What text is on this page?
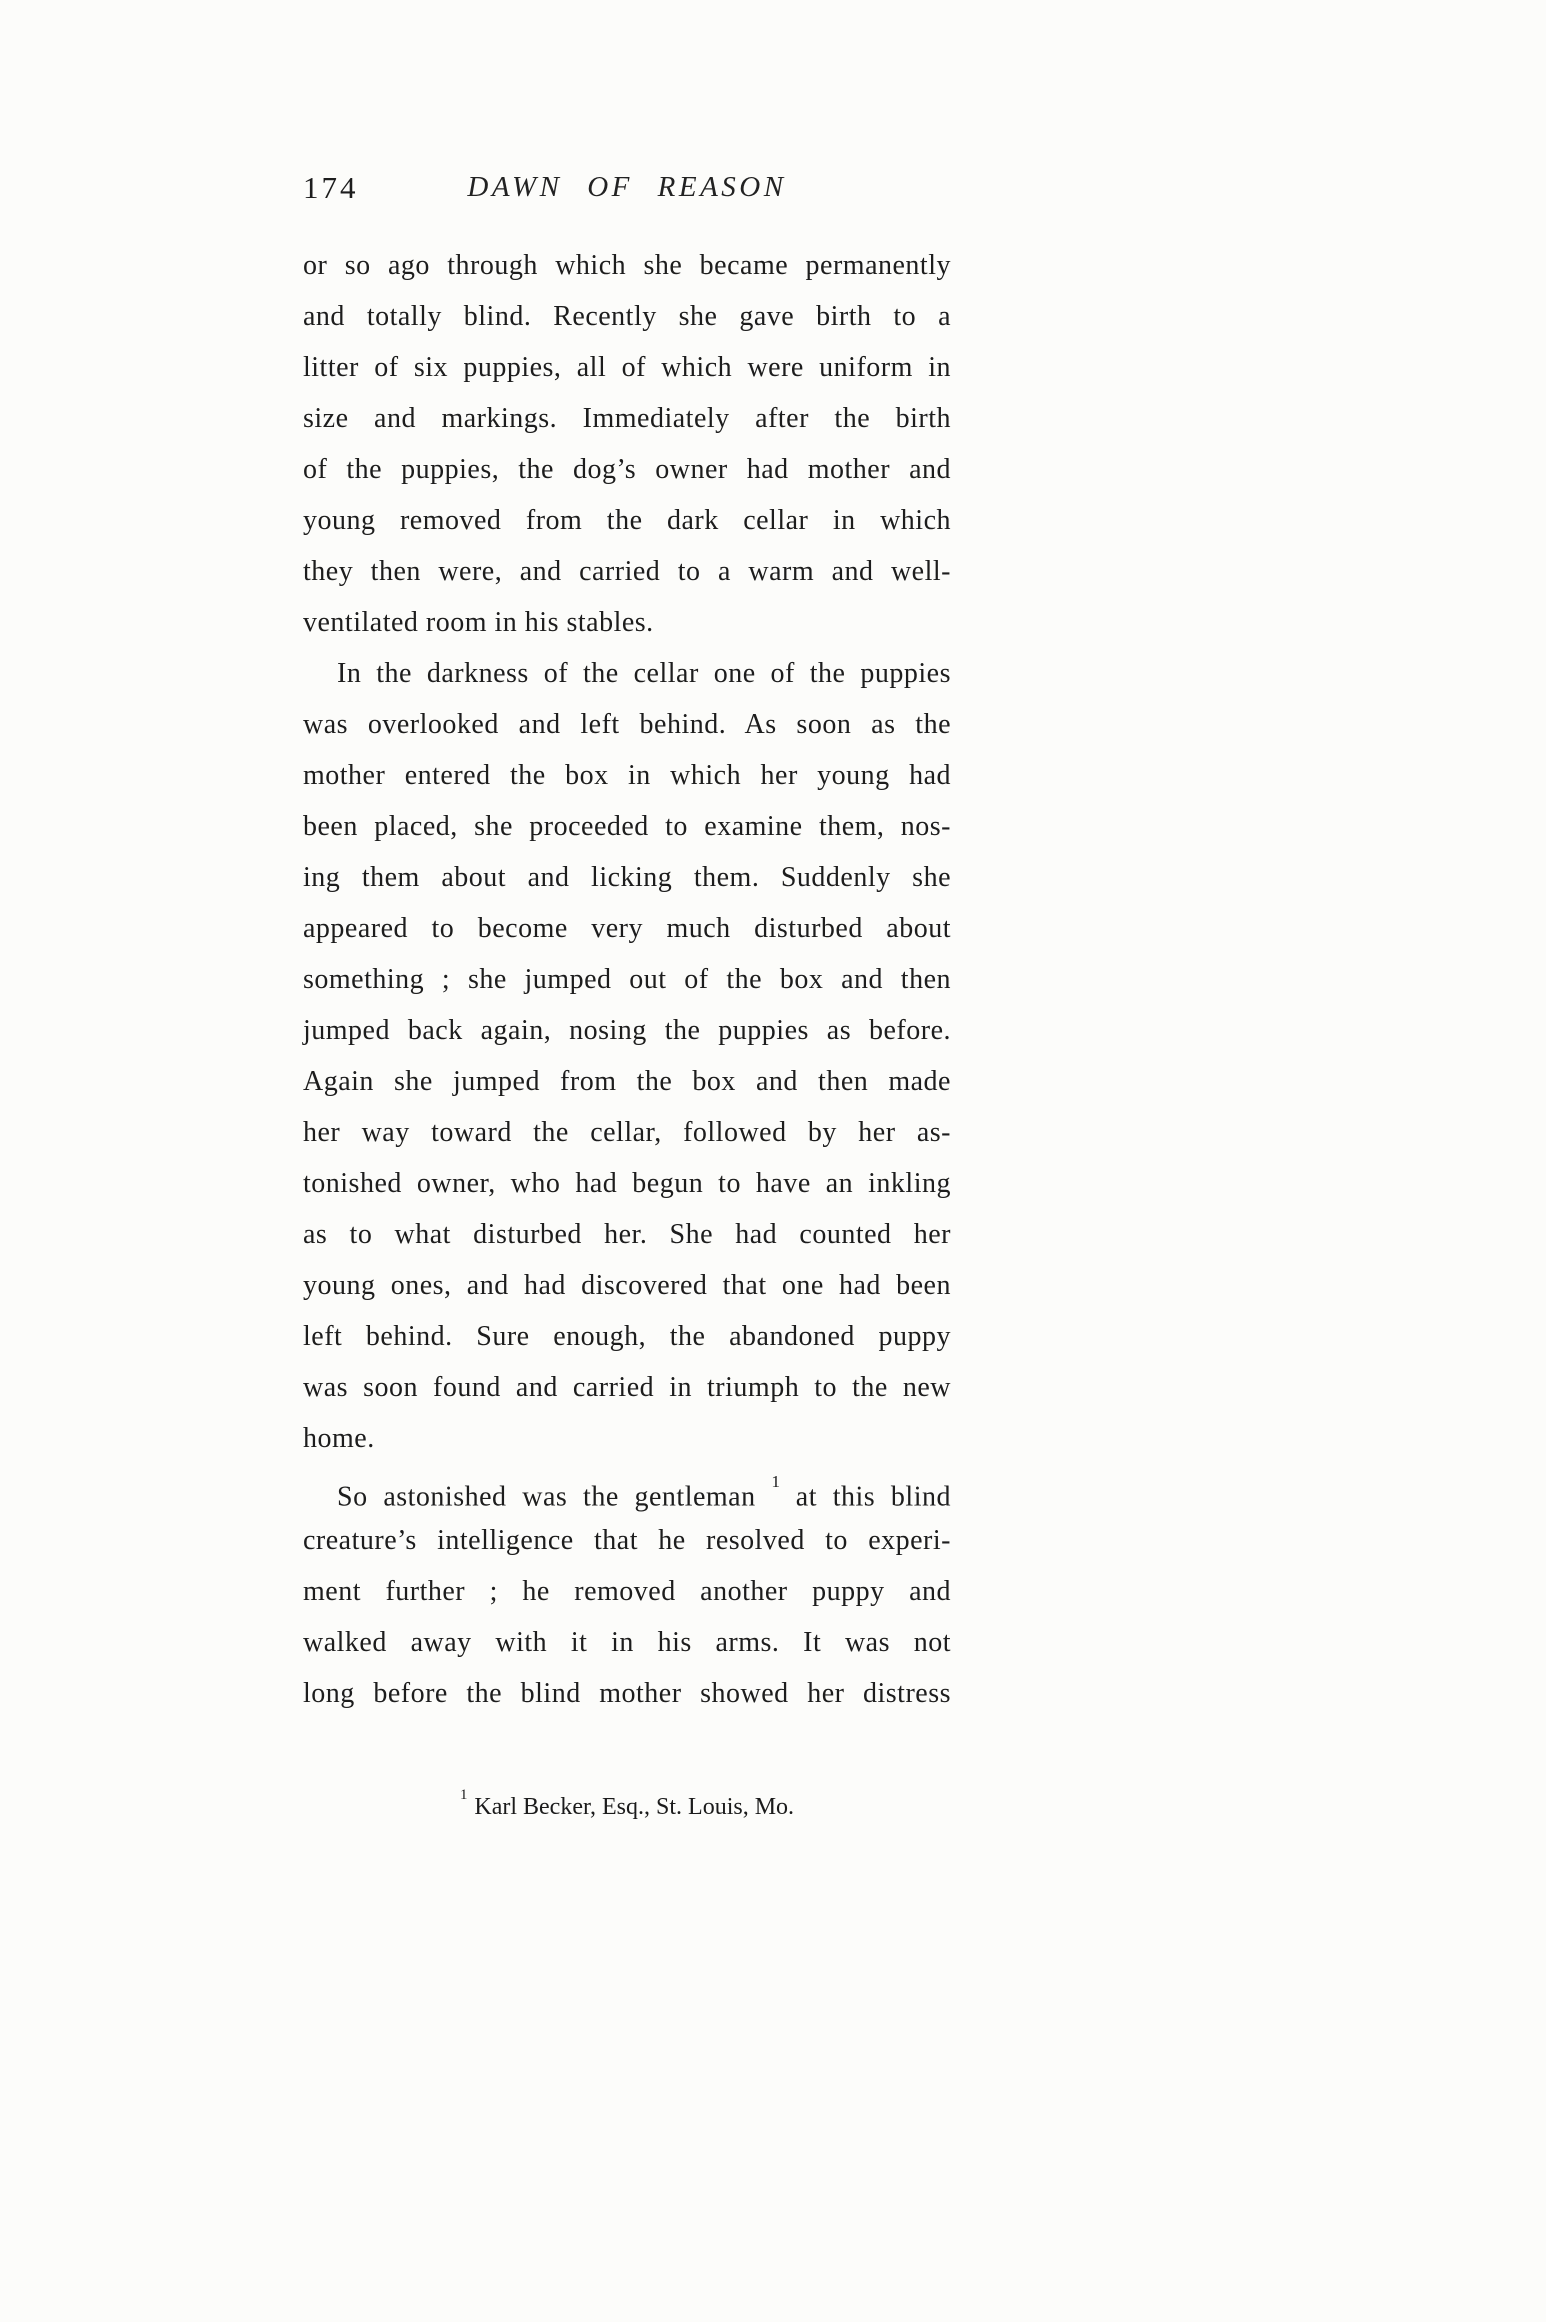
174	DAWN OF REASON
or so ago through which she became permanently
and totally blind. Recently she gave birth to a
litter of six puppies, all of which were uniform in
size and markings. Immediately after the birth
of the puppies, the dog’s owner had mother and
young removed from the dark cellar in which
they then were, and carried to a warm and well-
ventilated room in his stables.
In the darkness of the cellar one of the puppies
was overlooked and left behind. As soon as the
mother entered the box in which her young had
been placed, she proceeded to examine them, nos-
ing them about and licking them. Suddenly she
appeared to become very much disturbed about
something ; she jumped out of the box and then
jumped back again, nosing the puppies as before.
Again she jumped from the box and then made
her way toward the cellar, followed by her as-
tonished owner, who had begun to have an inkling
as to what disturbed her. She had counted her
young ones, and had discovered that one had been
left behind. Sure enough, the abandoned puppy
was soon found and carried in triumph to the new
home.
So astonished was the gentleman $^1$ at this blind
creature’s intelligence that he resolved to experi-
ment further ; he removed another puppy and
walked away with it in his arms. It was not
long before the blind mother showed her distress
$^1$ Karl Becker, Esq., St. Louis, Mo.
